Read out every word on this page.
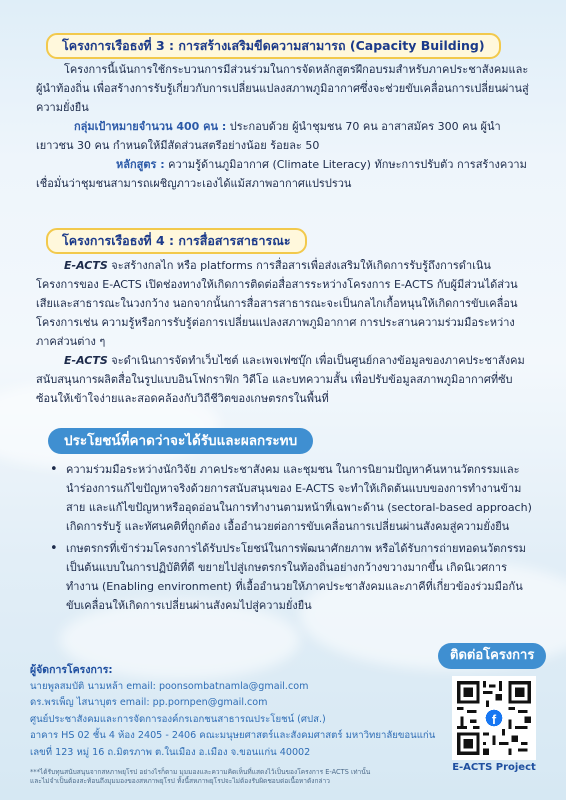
โครงการเรือธงที่ 3 : การสร้างเสริมขีดความสามารถ (Capacity Building)

โครงการนี้เน้นการใช้กระบวนการมีส่วนร่วมในการจัดหลักสูตรฝึกอบรมสำหรับภาคประชาสังคมและผู้นำท้องถิ่น เพื่อสร้างการรับรู้เกี่ยวกับการเปลี่ยนแปลงสภาพภูมิอากาศซึ่งจะช่วยขับเคลื่อนการเปลี่ยนผ่านสู่ความยั่งยืน

กลุ่มเป้าหมายจำนวน 400 คน : ประกอบด้วย ผู้นำชุมชน 70 คน อาสาสมัคร 300 คน ผู้นำเยาวชน 30 คน กำหนดให้มีสัดส่วนสตรีอย่างน้อย ร้อยละ 50

หลักสูตร : ความรู้ด้านภูมิอากาศ (Climate Literacy) ทักษะการปรับตัว การสร้างความเชื่อมั่นว่าชุมชนสามารถเผชิญภาวะเองได้แม้สภาพอากาศแปรปรวน

โครงการเรือธงที่ 4 : การสื่อสารสาธารณะ

E-ACTS จะสร้างกลไก หรือ platforms การสื่อสารเพื่อส่งเสริมให้เกิดการรับรู้ถึงการดำเนินโครงการของ E-ACTS เปิดช่องทางให้เกิดการติดต่อสื่อสารระหว่างโครงการ E-ACTS กับผู้มีส่วนได้ส่วนเสียและสาธารณะในวงกว้าง นอกจากนั้นการสื่อสารสาธารณะจะเป็นกลไกเกื้อหนุนให้เกิดการขับเคลื่อนโครงการเช่น ความรู้หรือการรับรู้ต่อการเปลี่ยนแปลงสภาพภูมิอากาศ การประสานความร่วมมือระหว่างภาคส่วนต่าง ๆ

E-ACTS จะดำเนินการจัดทำเว็บไซต์ และเพจเฟซบุ๊ก เพื่อเป็นศูนย์กลางข้อมูลของภาคประชาสังคม สนับสนุนการผลิตสื่อในรูปแบบอินโฟกราฟิก วิดีโอ และบทความสั้น เพื่อปรับข้อมูลสภาพภูมิอากาศที่ซับซ้อนให้เข้าใจง่ายและสอดคล้องกับวิถีชีวิตของเกษตรกรในพื้นที่

ประโยชน์ที่คาดว่าจะได้รับและผลกระทบ
• ความร่วมมือระหว่างนักวิจัย ภาคประชาสังคม และชุมชน ในการนิยามปัญหาค้นหานวัตกรรมและนำร่องการแก้ไขปัญหาจริงด้วยการสนับสนุนของ E-ACTS จะทำให้เกิดต้นแบบของการทำงานข้ามสาย และแก้ไขปัญหาหรืออุดอ่อนในการทำงานตามหน้าที่เฉพาะด้าน (sectoral-based approach) เกิดการรับรู้ และทัศนคติที่ถูกต้อง เอื้ออำนวยต่อการขับเคลื่อนการเปลี่ยนผ่านสังคมสู่ความยั่งยืน
• เกษตรกรที่เข้าร่วมโครงการได้รับประโยชน์ในการพัฒนาศักยภาพ หรือได้รับการถ่ายทอดนวัตกรรมเป็นต้นแบบในการปฏิบัติที่ดี ขยายไปสู่เกษตรกรในท้องถิ่นอย่างกว้างขวางมากขึ้น เกิดนิเวศการทำงาน (Enabling environment) ที่เอื้ออำนวยให้ภาคประชาสังคมและภาคีที่เกี่ยวข้องร่วมมือกันขับเคลื่อนให้เกิดการเปลี่ยนผ่านสังคมไปสู่ความยั่งยืน
ติดต่อโครงการ
ผู้จัดการโครงการ:
นายพูลสมบัติ นามหล้า email: poonsombatnamla@gmail.com
ดร.พรเพ็ญ ไสนาบุตร email: pp.pornpen@gmail.com
ศูนย์ประชาสังคมและการจัดการองค์กรเอกชนสาธารณประโยชน์ (ศปส.)
อาคาร HS 02 ชั้น 4 ห้อง 2405 - 2406 คณะมนุษยศาสตร์และสังคมศาสตร์ มหาวิทยาลัยขอนแก่น
เลขที่ 123 หมู่ 16 ถ.มิตรภาพ ต.ในเมือง อ.เมือง จ.ขอนแก่น 40002
***ได้รับทุนสนับสนุนจากสหภาพยุโรป อย่างไรก็ตาม มุมมองและความคิดเห็นที่แสดงไว้เป็นของโครงการ E-ACTS เท่านั้น
และไม่จำเป็นต้องสะท้อนถึงมุมมองของสหภาพยุโรป ทั้งนี้สหภาพยุโรปจะไม่ต้องรับผิดชอบต่อเนื้อหาดังกล่าว
f
E-ACTS Project
